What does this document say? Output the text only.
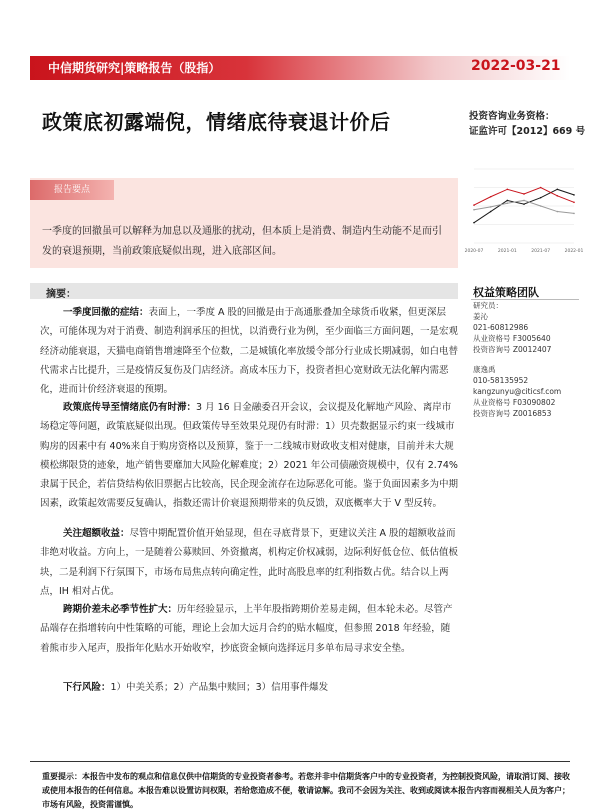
中信期货研究|策略报告（股指）	2022-03-21
政策底初露端倪，情绪底待衰退计价后	投资咨询业务资格：
证监许可【2012】669 号
2020-07	2021-01	2021-07	2022-01
报告要点
一季度的回撤虽可以解释为加息以及通胀的扰动，但本质上是消费、制造内生动能不足而引发的衰退预期，当前政策底疑似出现，进入底部区间。
摘要：

一季度回撤的症结：表面上，一季度 A 股的回撤是由于高通胀叠加全球货币收紧，但更深层次，可能体现为对于消费、制造利润承压的担忧，以消费行业为例，至少面临三方面问题，一是宏观经济动能衰退，天猫电商销售增速降至个位数，二是城镇化率放缓令部分行业成长期减弱，如白电替代需求占比提升，三是疫情反复伤及门店经济。高成本压力下，投资者担心宽财政无法化解内需恶化，进而计价经济衰退的预期。

政策底传导至情绪底仍有时滞：3 月 16 日金融委召开会议，会议提及化解地产风险、离岸市场稳定等问题，政策底疑似出现。但政策传导至效果兑现仍有时滞：1）贝壳数据显示约束一线城市购房的因素中有 40%来自于购房资格以及预算，鉴于一二线城市财政收支相对健康，目前并未大规模松绑限贷的迹象，地产销售要靡加大风险化解难度；2）2021 年公司债融资规模中，仅有 2.74%隶属于民企，若信贷结构依旧票据占比较高，民企现金流存在边际恶化可能。鉴于负面因素多为中期因素，政策起效需要反复确认，指数还需计价衰退预期带来的负反馈，双底概率大于 V 型反转。

关注超额收益：尽管中期配置价值开始显现，但在寻底背景下，更建议关注 A 股的超额收益而非绝对收益。方向上，一是随着公募赎回、外资撤离，机构定价权减弱，边际利好低仓位、低估值板块，二是利润下行氛围下，市场布局焦点转向确定性，此时高股息率的红利指数占优。结合以上两点，IH 相对占优。

跨期价差未必季节性扩大：历年经验显示，上半年股指跨期价差易走阔，但本轮未必。尽管产品端存在指增转向中性策略的可能，理论上会加大远月合约的贴水幅度，但参照 2018 年经验，随着熊市步入尾声，股指年化贴水开始收窄，抄底资金倾向选择远月多单布局寻求安全垫。

下行风险：1）中美关系；2）产品集中赎回；3）信用事件爆发
权益策略团队
研究员：
姜沁
021-60812986
从业资格号 F3005640
投资咨询号 Z0012407
康逸禹
010-58135952
kangzunyu@citicsf.com
从业资格号 F03090802
投资咨询号 Z0016853
重要提示：本报告中发布的观点和信息仅供中信期货的专业投资者参考。若您并非中信期货客户中的专业投资者，为控制投资风险，请取消订阅、接收或使用本报告的任何信息。本报告难以设置访问权限，若给您造成不便，敬请谅解。我司不会因为关注、收到或阅读本报告内容而视相关人员为客户；市场有风险，投资需谨慎。
